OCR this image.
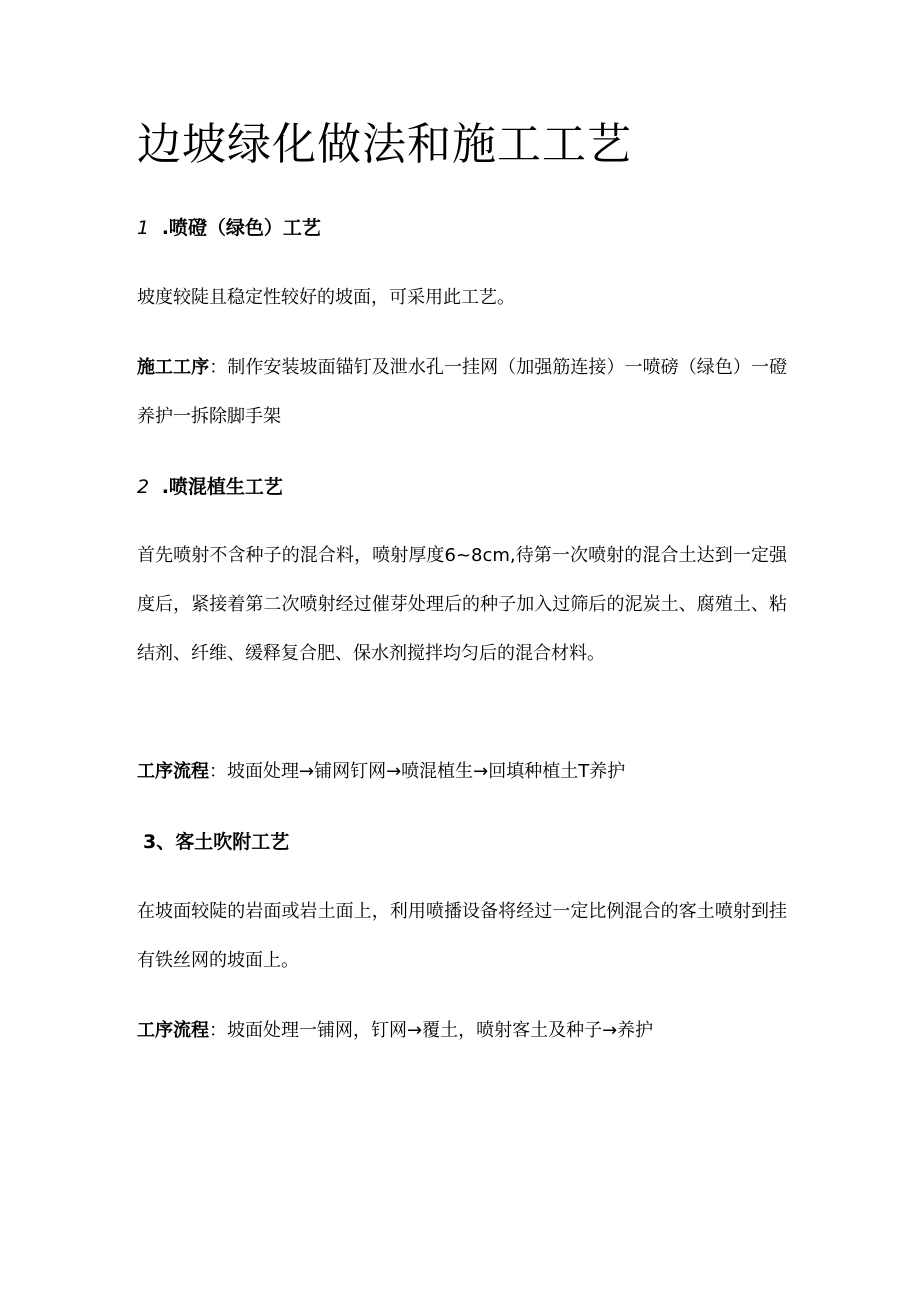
边坡绿化做法和施工工艺
1 .喷磴（绿色）工艺

坡度较陡且稳定性较好的坡面，可采用此工艺。

施工工序：制作安装坡面锚钉及泄水孔一挂网（加强筋连接）一喷磅（绿色）一磴养护一拆除脚手架

2 .喷混植生工艺

首先喷射不含种子的混合料，喷射厚度6~8cm,待第一次喷射的混合土达到一定强度后，紧接着第二次喷射经过催芽处理后的种子加入过筛后的泥炭土、腐殖土、粘结剂、纤维、缓释复合肥、保水剂搅拌均匀后的混合材料。

工序流程：坡面处理→铺网钉网→喷混植生→回填种植土T养护

3、客土吹附工艺

在坡面较陡的岩面或岩土面上，利用喷播设备将经过一定比例混合的客土喷射到挂有铁丝网的坡面上。

工序流程：坡面处理一铺网，钉网→覆土，喷射客土及种子→养护
